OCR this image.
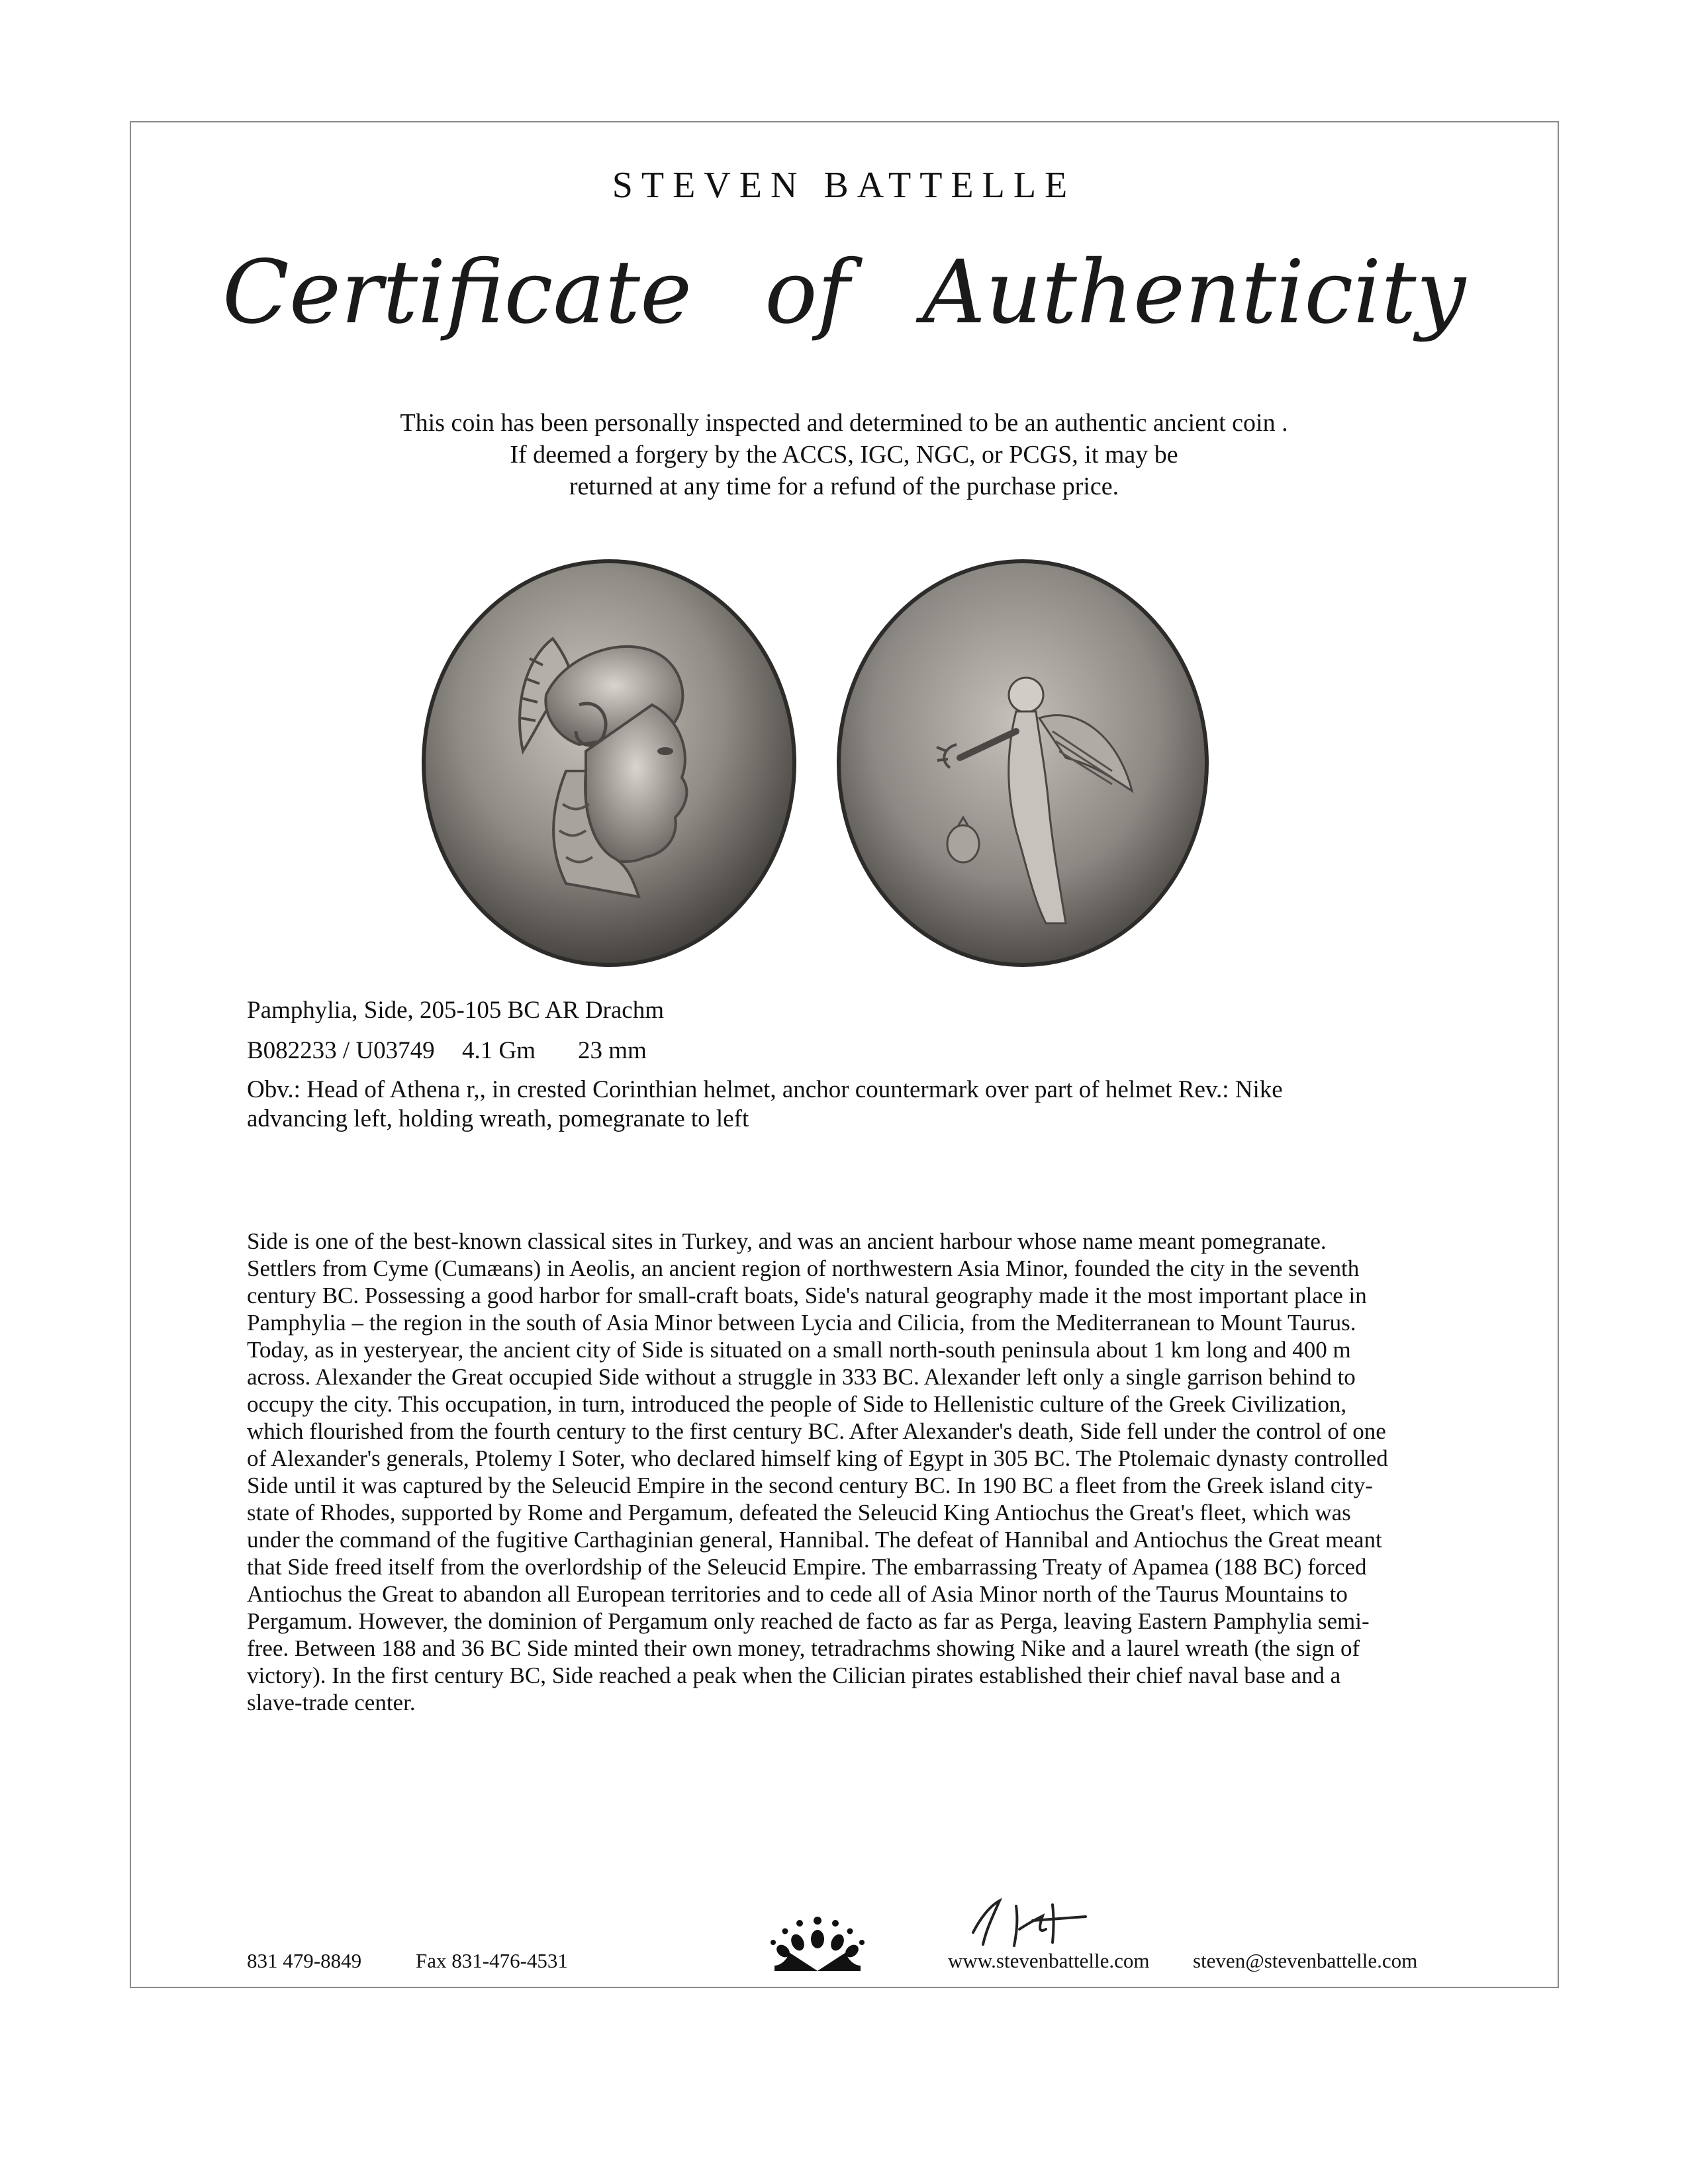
STEVEN BATTELLE
Certificate of Authenticity
This coin has been personally inspected and determined to be an authentic ancient coin .
If deemed a forgery by the ACCS, IGC, NGC, or PCGS, it may be
returned at any time for a refund of the purchase price.
Pamphylia, Side, 205-105 BC AR Drachm
B082233 / U03749 4.1 Gm 23 mm
Obv.: Head of Athena r,, in crested Corinthian helmet, anchor countermark over part of helmet Rev.: Nike advancing left, holding wreath, pomegranate to left
Side is one of the best-known classical sites in Turkey, and was an ancient harbour whose name meant pomegranate. Settlers from Cyme (Cumæans) in Aeolis, an ancient region of northwestern Asia Minor, founded the city in the seventh century BC. Possessing a good harbor for small-craft boats, Side's natural geography made it the most important place in Pamphylia – the region in the south of Asia Minor between Lycia and Cilicia, from the Mediterranean to Mount Taurus. Today, as in yesteryear, the ancient city of Side is situated on a small north-south peninsula about 1 km long and 400 m across. Alexander the Great occupied Side without a struggle in 333 BC. Alexander left only a single garrison behind to occupy the city. This occupation, in turn, introduced the people of Side to Hellenistic culture of the Greek Civilization, which flourished from the fourth century to the first century BC. After Alexander's death, Side fell under the control of one of Alexander's generals, Ptolemy I Soter, who declared himself king of Egypt in 305 BC. The Ptolemaic dynasty controlled Side until it was captured by the Seleucid Empire in the second century BC. In 190 BC a fleet from the Greek island city-state of Rhodes, supported by Rome and Pergamum, defeated the Seleucid King Antiochus the Great's fleet, which was under the command of the fugitive Carthaginian general, Hannibal. The defeat of Hannibal and Antiochus the Great meant that Side freed itself from the overlordship of the Seleucid Empire. The embarrassing Treaty of Apamea (188 BC) forced Antiochus the Great to abandon all European territories and to cede all of Asia Minor north of the Taurus Mountains to Pergamum. However, the dominion of Pergamum only reached de facto as far as Perga, leaving Eastern Pamphylia semi-free. Between 188 and 36 BC Side minted their own money, tetradrachms showing Nike and a laurel wreath (the sign of victory). In the first century BC, Side reached a peak when the Cilician pirates established their chief naval base and a slave-trade center.
831 479-8849	Fax 831-476-4531	www.stevenbattelle.com steven@stevenbattelle.com
